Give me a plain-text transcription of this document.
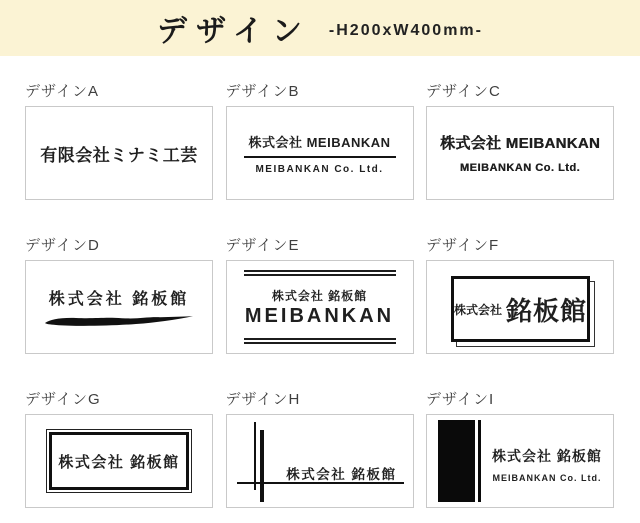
デザイン -H200xW400mm-
デザインA
有限会社ミナミ工芸
デザインB
株式会社 MEIBANKAN
MEIBANKAN Co. Ltd.
デザインC
株式会社 MEIBANKAN
MEIBANKAN Co. Ltd.
デザインD
株式会社 銘板館
デザインE
株式会社 銘板館
MEIBANKAN
デザインF
株式会社 銘板館
デザインG
株式会社 銘板館
デザインH
株式会社 銘板館
デザインI
株式会社 銘板館
MEIBANKAN Co. Ltd.
